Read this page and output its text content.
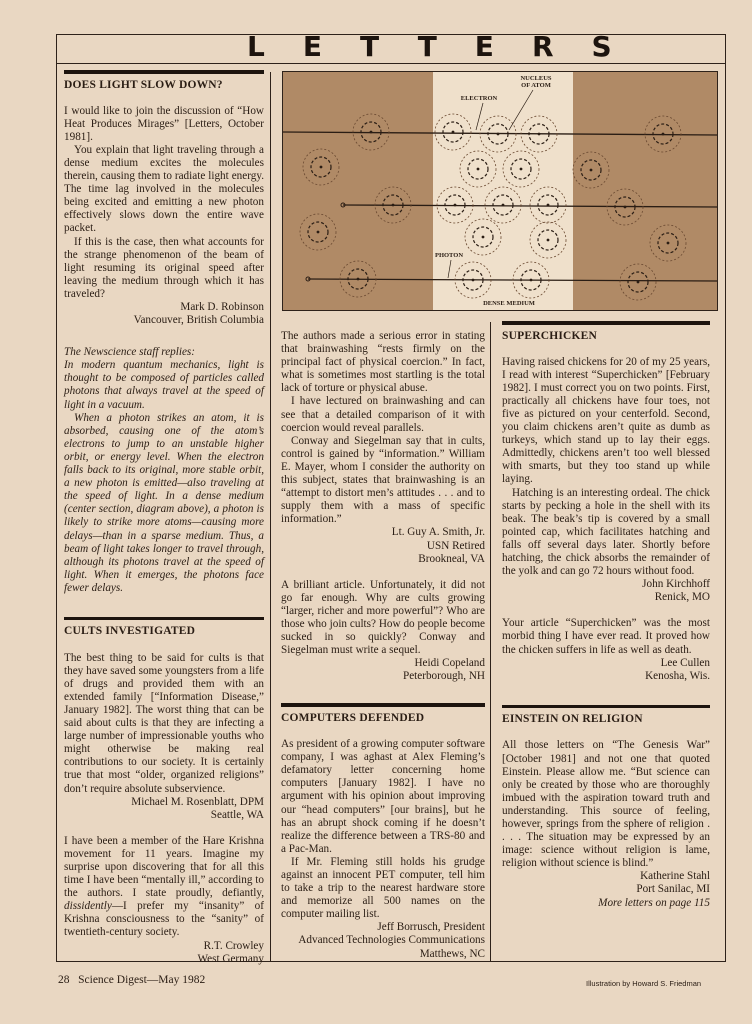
LETTERS
NUCLEUS
OF ATOM
ELECTRON
PHOTON
DENSE MEDIUM
DOES LIGHT SLOW DOWN?

I would like to join the discussion of “How Heat Produces Mirages” [Letters, October 1981].

You explain that light traveling through a dense medium excites the molecules therein, causing them to radiate light energy. The time lag involved in the molecules being excited and emitting a new photon effectively slows down the entire wave packet.

If this is the case, then what accounts for the strange phenomenon of the beam of light resuming its original speed after leaving the medium through which it has traveled?

Mark D. Robinson
Vancouver, British Columbia
The Newscience staff replies:

In modern quantum mechanics, light is thought to be composed of particles called photons that always travel at the speed of light in a vacuum.

When a photon strikes an atom, it is absorbed, causing one of the atom’s electrons to jump to an unstable higher orbit, or energy level. When the electron falls back to its original, more stable orbit, a new photon is emitted—also traveling at the speed of light. In a dense medium (center section, diagram above), a photon is likely to strike more atoms—causing more delays—than in a sparse medium. Thus, a beam of light takes longer to travel through, although its photons travel at the speed of light. When it emerges, the photons face fewer delays.

CULTS INVESTIGATED

The best thing to be said for cults is that they have saved some youngsters from a life of drugs and provided them with an extended family [“Information Disease,” January 1982]. The worst thing that can be said about cults is that they are infecting a large number of impressionable youths who might otherwise be making real contributions to our society. It is certainly true that most “older, organized religions” don’t require absolute subservience.

Michael M. Rosenblatt, DPM
Seattle, WA

I have been a member of the Hare Krishna movement for 11 years. Imagine my surprise upon discovering that for all this time I have been “mentally ill,” according to the authors. I state proudly, defiantly, dissidently—I prefer my “insanity” of Krishna consciousness to the “sanity” of twentieth-century society.

R.T. Crowley
West Germany

The authors made a serious error in stating that brainwashing “rests firmly on the principal fact of physical coercion.” In fact, what is sometimes most startling is the total lack of torture or physical abuse.

I have lectured on brainwashing and can see that a detailed comparison of it with coercion would reveal parallels.

Conway and Siegelman say that in cults, control is gained by “information.” William E. Mayer, whom I consider the authority on this subject, states that brainwashing is an “attempt to distort men’s attitudes . . . and to supply them with a mass of specific information.”

Lt. Guy A. Smith, Jr.
USN Retired
Brookneal, VA

A brilliant article. Unfortunately, it did not go far enough. Why are cults growing “larger, richer and more powerful”? Who are those who join cults? How do people become sucked in so quickly? Conway and Siegelman must write a sequel.

Heidi Copeland
Peterborough, NH
COMPUTERS DEFENDED

As president of a growing computer software company, I was aghast at Alex Fleming’s defamatory letter concerning home computers [January 1982]. I have no argument with his opinion about improving our “head computers” [our brains], but he has an abrupt shock coming if he doesn’t realize the difference between a TRS-80 and a Pac-Man.

If Mr. Fleming still holds his grudge against an innocent PET computer, tell him to take a trip to the nearest hardware store and memorize all 500 names on the computer mailing list.

Jeff Borrusch, President
Advanced Technologies Communications
Matthews, NC
SUPERCHICKEN

Having raised chickens for 20 of my 25 years, I read with interest “Superchicken” [February 1982]. I must correct you on two points. First, practically all chickens have four toes, not five as pictured on your centerfold. Second, you claim chickens aren’t quite as dumb as turkeys, which stand up to lay their eggs. Admittedly, chickens aren’t too well blessed with smarts, but they too stand up while laying.

Hatching is an interesting ordeal. The chick starts by pecking a hole in the shell with its beak. The beak’s tip is covered by a small pointed cap, which facilitates hatching and falls off several days later. Shortly before hatching, the chick absorbs the remainder of the yolk and can go 72 hours without food.

John Kirchhoff
Renick, MO

Your article “Superchicken” was the most morbid thing I have ever read. It proved how the chicken suffers in life as well as death.

Lee Cullen
Kenosha, Wis.
EINSTEIN ON RELIGION

All those letters on “The Genesis War” [October 1981] and not one that quoted Einstein. Please allow me. “But science can only be created by those who are thoroughly imbued with the aspiration toward truth and understanding. This source of feeling, however, springs from the sphere of religion . . . . The situation may be expressed by an image: science without religion is lame, religion without science is blind.”

Katherine Stahl
Port Sanilac, MI
More letters on page 115
28  Science Digest—May 1982	Illustration by Howard S. Friedman
